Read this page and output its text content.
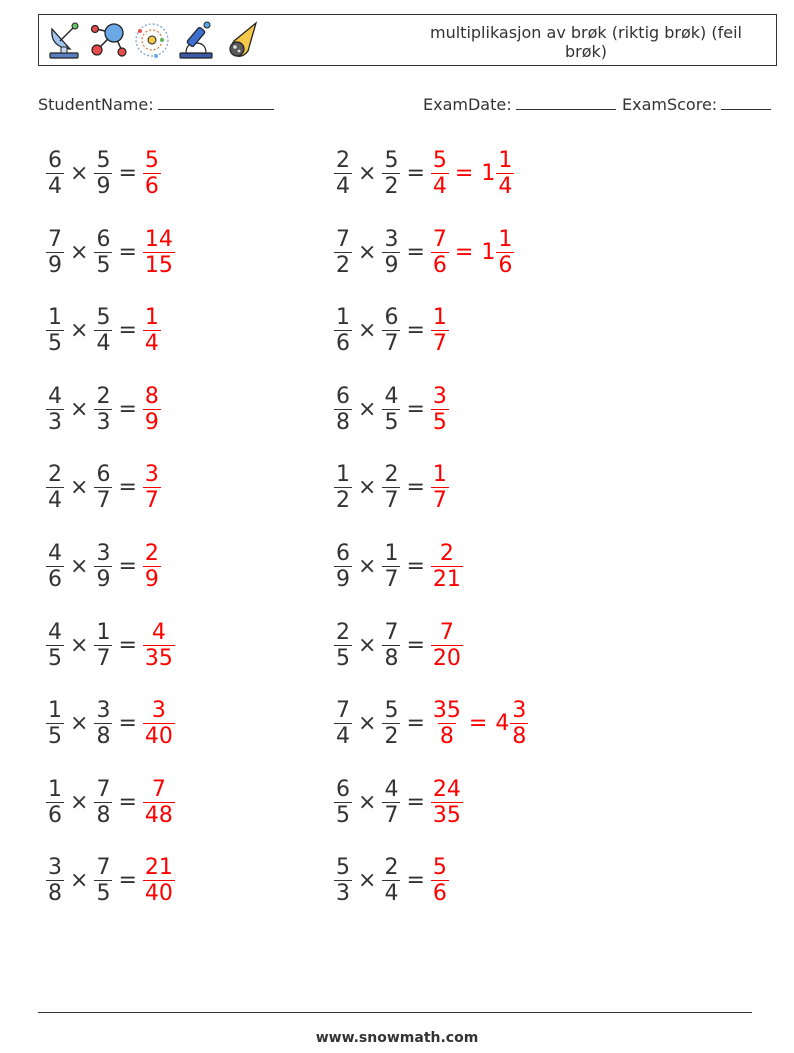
multiplikasjon av brøk (riktig brøk) (feil brøk)
StudentName:	ExamDate:	ExamScore:
$\frac{6}{4} \times \frac{5}{9} = \frac{5}{6}$	$\frac{2}{4} \times \frac{5}{2} = \frac{5}{4} = 1 \frac{1}{4}$
$\frac{7}{9} \times \frac{6}{5} = \frac{14}{15}$	$\frac{7}{2} \times \frac{3}{9} = \frac{7}{6} = 1 \frac{1}{6}$
$\frac{1}{5} \times \frac{5}{4} = \frac{1}{4}$	$\frac{1}{6} \times \frac{6}{7} = \frac{1}{7}$
$\frac{4}{3} \times \frac{2}{3} = \frac{8}{9}$	$\frac{6}{8} \times \frac{4}{5} = \frac{3}{5}$
$\frac{2}{4} \times \frac{6}{7} = \frac{3}{7}$	$\frac{1}{2} \times \frac{2}{7} = \frac{1}{7}$
$\frac{4}{6} \times \frac{3}{9} = \frac{2}{9}$	$\frac{6}{9} \times \frac{1}{7} = \frac{2}{21}$
$\frac{4}{5} \times \frac{1}{7} = \frac{4}{35}$	$\frac{2}{5} \times \frac{7}{8} = \frac{7}{20}$
$\frac{1}{5} \times \frac{3}{8} = \frac{3}{40}$	$\frac{7}{4} \times \frac{5}{2} = \frac{35}{8} = 4 \frac{3}{8}$
$\frac{1}{6} \times \frac{7}{8} = \frac{7}{48}$	$\frac{6}{5} \times \frac{4}{7} = \frac{24}{35}$
$\frac{3}{8} \times \frac{7}{5} = \frac{21}{40}$	$\frac{5}{3} \times \frac{2}{4} = \frac{5}{6}$
www.snowmath.com
